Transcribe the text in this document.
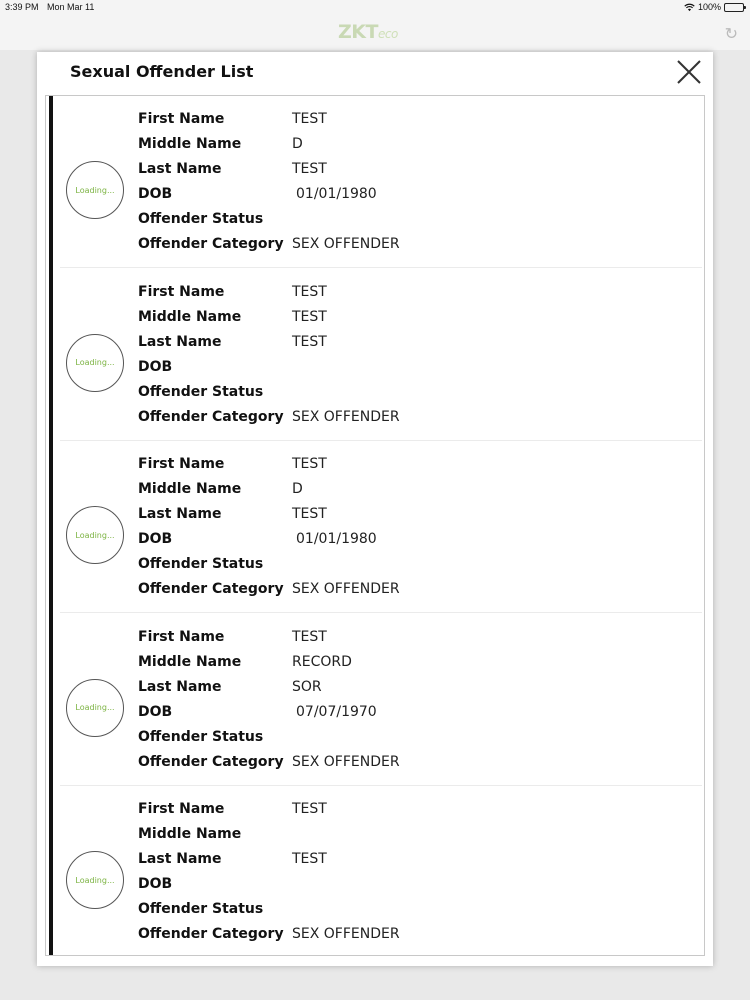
3:39 PM Mon Mar 11	100%
ZKTeco	↻
Sexual Offender List
Loading...
First Name	TEST
Middle Name	D
Last Name	TEST
DOB	01/01/1980
Offender Status
Offender Category SEX OFFENDER
Loading...
First Name	TEST
Middle Name	TEST
Last Name	TEST
DOB
Offender Status
Offender Category SEX OFFENDER
Loading...
First Name	TEST
Middle Name	D
Last Name	TEST
DOB	01/01/1980
Offender Status
Offender Category SEX OFFENDER
Loading...
First Name	TEST
Middle Name	RECORD
Last Name	SOR
DOB	07/07/1970
Offender Status
Offender Category SEX OFFENDER
Loading...
First Name	TEST
Middle Name
Last Name	TEST
DOB
Offender Status
Offender Category SEX OFFENDER
